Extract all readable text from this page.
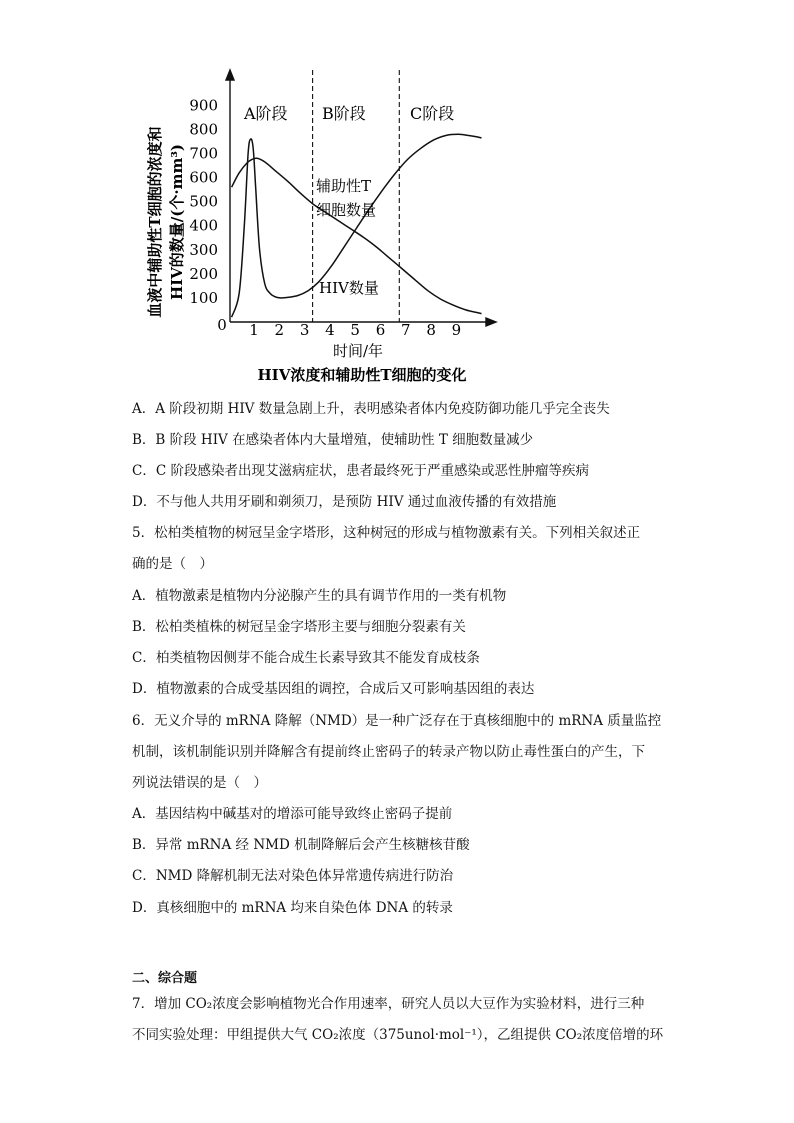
100
200
300
400
500
600
700
800
900
1 2 3 4 5 6 7 8 9
A阶段 B阶段	C阶段
0
时间/年
HIV浓度和辅助性T细胞的变化
辅助性T
细胞数量
HIV数量
血液中辅助性T细胞的浓度和 HIV的数量/(个·mm³)
A．A 阶段初期 HIV 数量急剧上升，表明感染者体内免疫防御功能几乎完全丧失
B．B 阶段 HIV 在感染者体内大量增殖，使辅助性 T 细胞数量减少
C．C 阶段感染者出现艾滋病症状，患者最终死于严重感染或恶性肿瘤等疾病
D．不与他人共用牙刷和剃须刀，是预防 HIV 通过血液传播的有效措施
5．松柏类植物的树冠呈金字塔形，这种树冠的形成与植物激素有关。下列相关叙述正
确的是（　）
A．植物激素是植物内分泌腺产生的具有调节作用的一类有机物
B．松柏类植株的树冠呈金字塔形主要与细胞分裂素有关
C．柏类植物因侧芽不能合成生长素导致其不能发育成枝条
D．植物激素的合成受基因组的调控，合成后又可影响基因组的表达
6．无义介导的 mRNA 降解（NMD）是一种广泛存在于真核细胞中的 mRNA 质量监控
机制，该机制能识别并降解含有提前终止密码子的转录产物以防止毒性蛋白的产生，下
列说法错误的是（　）
A．基因结构中碱基对的增添可能导致终止密码子提前
B．异常 mRNA 经 NMD 机制降解后会产生核糖核苷酸
C．NMD 降解机制无法对染色体异常遗传病进行防治
D．真核细胞中的 mRNA 均来自染色体 DNA 的转录
二、综合题
7．增加 CO₂浓度会影响植物光合作用速率，研究人员以大豆作为实验材料，进行三种
不同实验处理：甲组提供大气 CO₂浓度（375unol·mol⁻¹），乙组提供 CO₂浓度倍增的环
